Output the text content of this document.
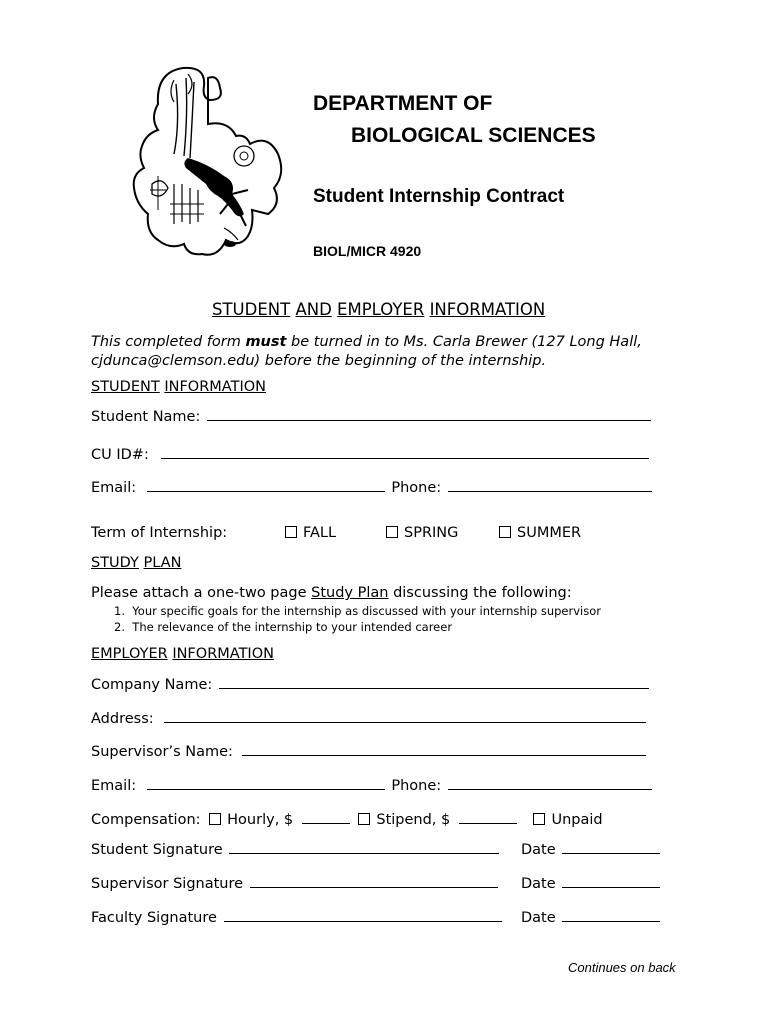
DEPARTMENT OF
BIOLOGICAL SCIENCES
Student Internship Contract
BIOL/MICR 4920
STUDENT AND EMPLOYER INFORMATION
This completed form must be turned in to Ms. Carla Brewer (127 Long Hall,
cjdunca@clemson.edu) before the beginning of the internship.
STUDENT INFORMATION
Student Name:
CU ID#:
Email:	Phone:
Term of Internship:	FALL	SPRING	SUMMER
STUDY PLAN
Please attach a one-two page Study Plan discussing the following:
1.  Your specific goals for the internship as discussed with your internship supervisor
2.  The relevance of the internship to your intended career
EMPLOYER INFORMATION
Company Name:
Address:
Supervisor’s Name:
Email:	Phone:
Compensation: Hourly, $	Stipend, $	Unpaid
Student Signature	Date
Supervisor Signature	Date
Faculty Signature	Date
Continues on back
